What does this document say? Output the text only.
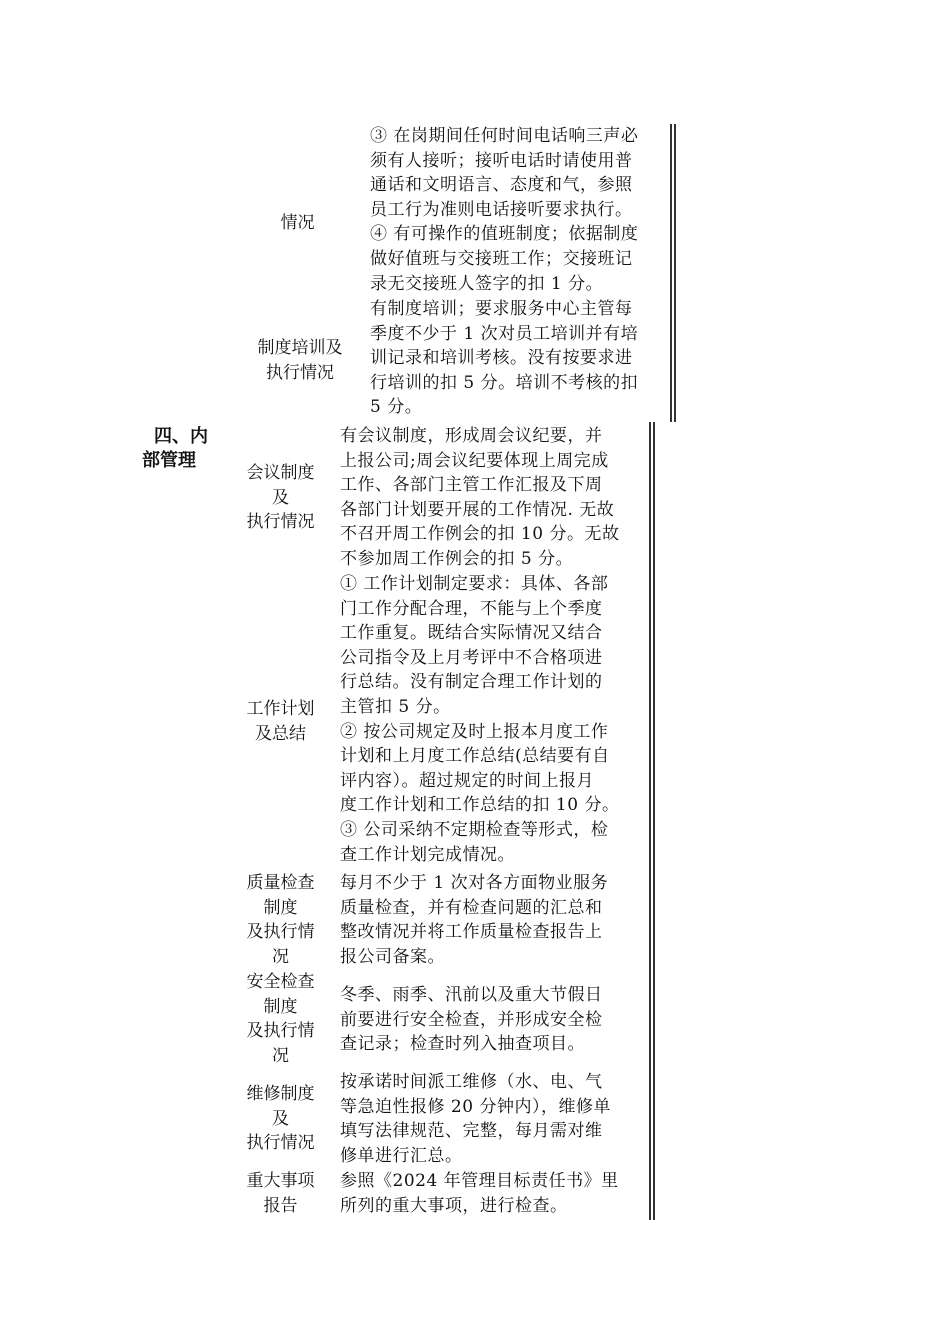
情况
③ 在岗期间任何时间电话响三声必
须有人接听；接听电话时请使用普
通话和文明语言、态度和气，参照
员工行为准则电话接听要求执行。
④ 有可操作的值班制度；依据制度
做好值班与交接班工作；交接班记
录无交接班人签字的扣 1 分。
制度培训及
执行情况
有制度培训；要求服务中心主管每
季度不少于 1 次对员工培训并有培
训记录和培训考核。没有按要求进
行培训的扣 5 分。培训不考核的扣
5 分。
四、内
部管理
会议制度
及
执行情况
有会议制度，形成周会议纪要，并
上报公司;周会议纪要体现上周完成
工作、各部门主管工作汇报及下周
各部门计划要开展的工作情况. 无故
不召开周工作例会的扣 10 分。无故
不参加周工作例会的扣 5 分。
工作计划
及总结
① 工作计划制定要求：具体、各部
门工作分配合理，不能与上个季度
工作重复。既结合实际情况又结合
公司指令及上月考评中不合格项进
行总结。没有制定合理工作计划的
主管扣 5 分。
② 按公司规定及时上报本月度工作
计划和上月度工作总结(总结要有自
评内容）。超过规定的时间上报月
度工作计划和工作总结的扣 10 分。
③ 公司采纳不定期检查等形式，检
查工作计划完成情况。
质量检查
制度
及执行情
况
每月不少于 1 次对各方面物业服务
质量检查，并有检查问题的汇总和
整改情况并将工作质量检查报告上
报公司备案。
安全检查
制度
及执行情
况
冬季、雨季、汛前以及重大节假日
前要进行安全检查，并形成安全检
查记录；检查时列入抽查项目。
维修制度
及
执行情况
按承诺时间派工维修（水、电、气
等急迫性报修 20 分钟内），维修单
填写法律规范、完整，每月需对维
修单进行汇总。
重大事项
报告
参照《2024 年管理目标责任书》里
所列的重大事项，进行检查。
